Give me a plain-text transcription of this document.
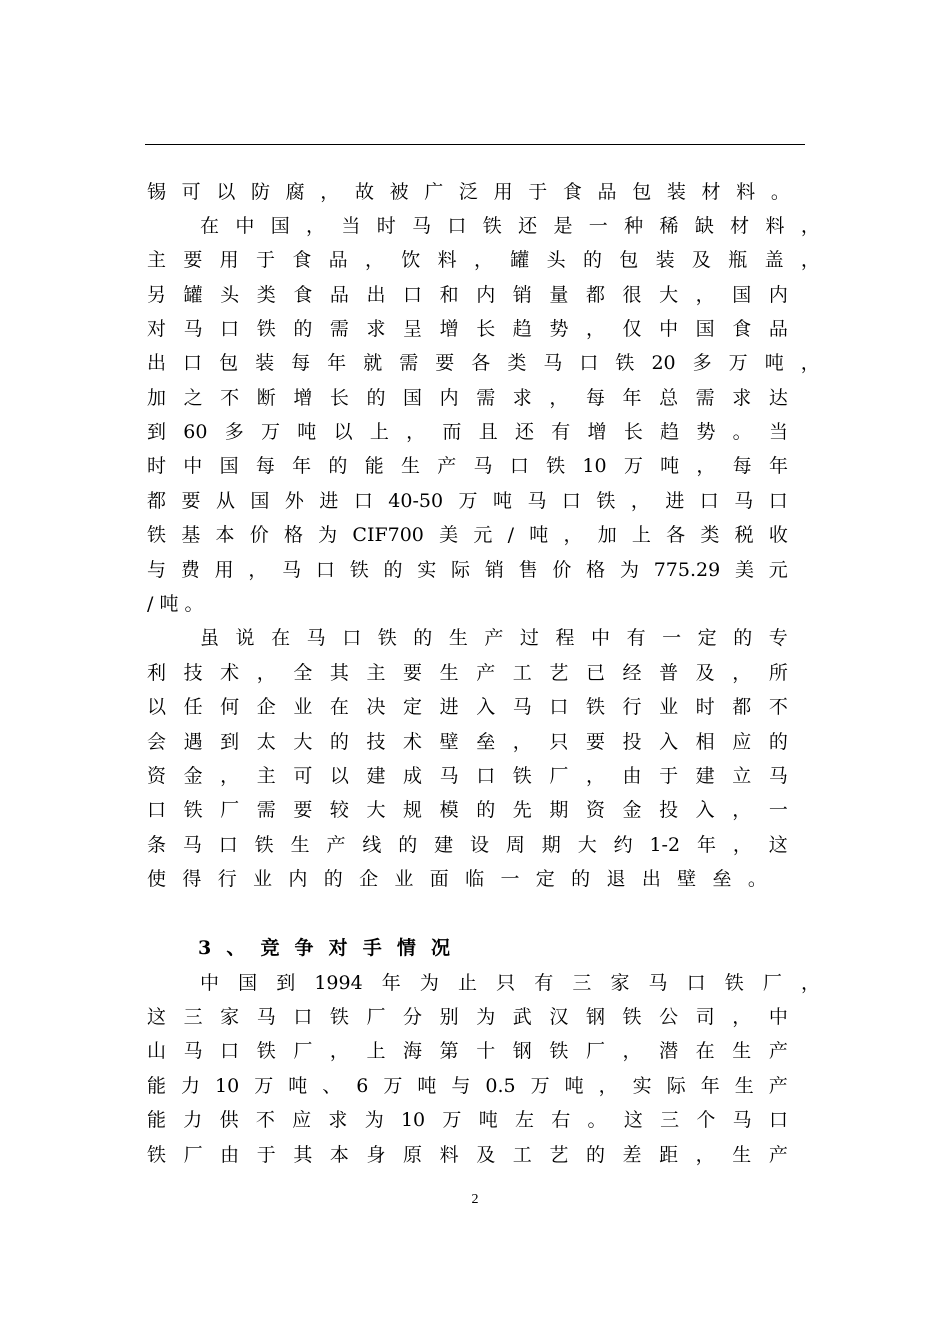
锡 可 以 防 腐 ， 故 被 广 泛 用 于 食 品 包 装 材 料 。
在 中 国 ， 当 时 马 口 铁 还 是 一 种 稀 缺 材 料 ，
主 要 用 于 食 品 ， 饮 料 ， 罐 头 的 包 装 及 瓶 盖 ，
另 罐 头 类 食 品 出 口 和 内 销 量 都 很 大 ， 国 内
对 马 口 铁 的 需 求 呈 增 长 趋 势 ， 仅 中 国 食 品
出 口 包 装 每 年 就 需 要 各 类 马 口 铁 20 多 万 吨 ，
加 之 不 断 增 长 的 国 内 需 求 ， 每 年 总 需 求 达
到 60 多 万 吨 以 上 ， 而 且 还 有 增 长 趋 势 。 当
时 中 国 每 年 的 能 生 产 马 口 铁 10 万 吨 ， 每 年
都 要 从 国 外 进 口 40-50 万 吨 马 口 铁 ， 进 口 马 口
铁 基 本 价 格 为 CIF700 美 元 / 吨 ， 加 上 各 类 税 收
与 费 用 ， 马 口 铁 的 实 际 销 售 价 格 为 775.29 美 元
/ 吨 。
虽 说 在 马 口 铁 的 生 产 过 程 中 有 一 定 的 专
利 技 术 ， 全 其 主 要 生 产 工 艺 已 经 普 及 ， 所
以 任 何 企 业 在 决 定 进 入 马 口 铁 行 业 时 都 不
会 遇 到 太 大 的 技 术 壁 垒 ， 只 要 投 入 相 应 的
资 金 ， 主 可 以 建 成 马 口 铁 厂 ， 由 于 建 立 马
口 铁 厂 需 要 较 大 规 模 的 先 期 资 金 投 入 ， 一
条 马 口 铁 生 产 线 的 建 设 周 期 大 约 1-2 年 ， 这
使 得 行 业 内 的 企 业 面 临 一 定 的 退 出 壁 垒 。
3 、 竞 争 对 手 情 况
中 国 到 1994 年 为 止 只 有 三 家 马 口 铁 厂 ，
这 三 家 马 口 铁 厂 分 别 为 武 汉 钢 铁 公 司 ， 中
山 马 口 铁 厂 ， 上 海 第 十 钢 铁 厂 ， 潜 在 生 产
能 力 10 万 吨 、 6 万 吨 与 0.5 万 吨 ， 实 际 年 生 产
能 力 供 不 应 求 为 10 万 吨 左 右 。 这 三 个 马 口
铁 厂 由 于 其 本 身 原 料 及 工 艺 的 差 距 ， 生 产
2
